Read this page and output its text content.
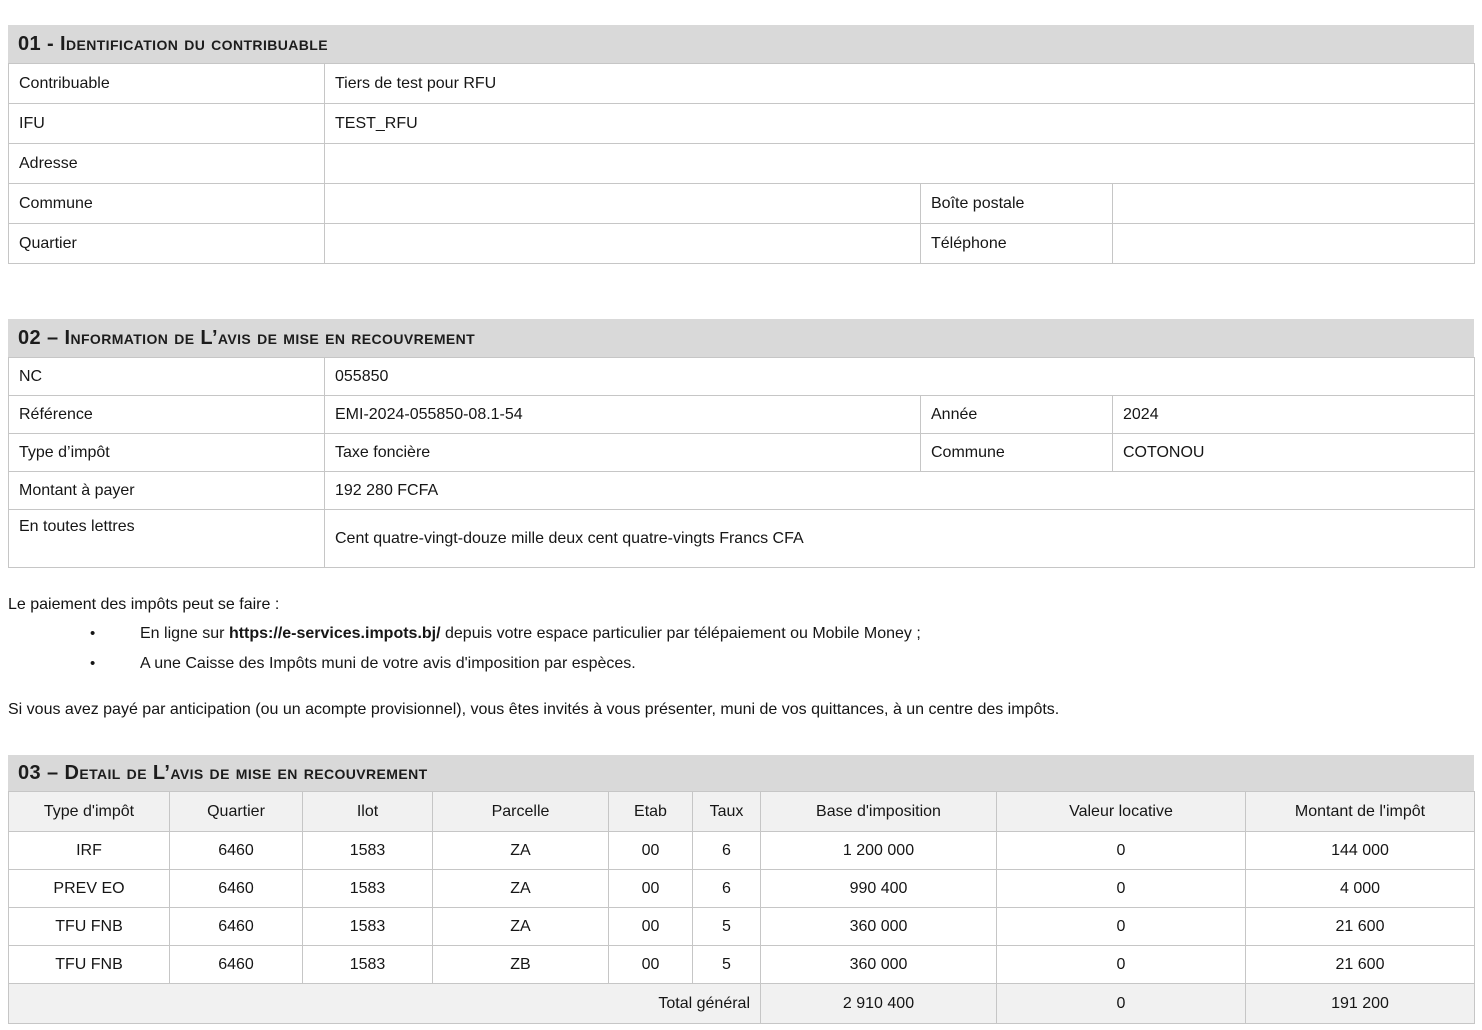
01 - Identification du contribuable
Contribuable	Tiers de test pour RFU		
IFU	TEST_RFU		
Adresse			
Commune		Boîte postale	
Quartier		Téléphone	
02 – Information de L’avis de mise en recouvrement
NC	055850		
Référence	EMI-2024-055850-08.1-54	Année	2024
Type d’impôt	Taxe foncière	Commune	COTONOU
Montant à payer	192 280 FCFA		
En toutes lettres	Cent quatre-vingt-douze mille deux cent quatre-vingts Francs CFA		
Le paiement des impôts peut se faire :
•	En ligne sur https://e-services.impots.bj/ depuis votre espace particulier par télépaiement ou Mobile Money ;
•	A une Caisse des Impôts muni de votre avis d'imposition par espèces.
Si vous avez payé par anticipation (ou un acompte provisionnel), vous êtes invités à vous présenter, muni de vos quittances, à un centre des impôts.
03 – Detail de L’avis de mise en recouvrement
Type d'impôt	Quartier	Ilot	Parcelle	Etab	Taux	Base d'imposition	Valeur locative	Montant de l'impôt
IRF	6460	1583	ZA	00	6	1 200 000	0	144 000
PREV EO	6460	1583	ZA	00	6	990 400	0	4 000
TFU FNB	6460	1583	ZA	00	5	360 000	0	21 600
TFU FNB	6460	1583	ZB	00	5	360 000	0	21 600
Total général						2 910 400	0	191 200
